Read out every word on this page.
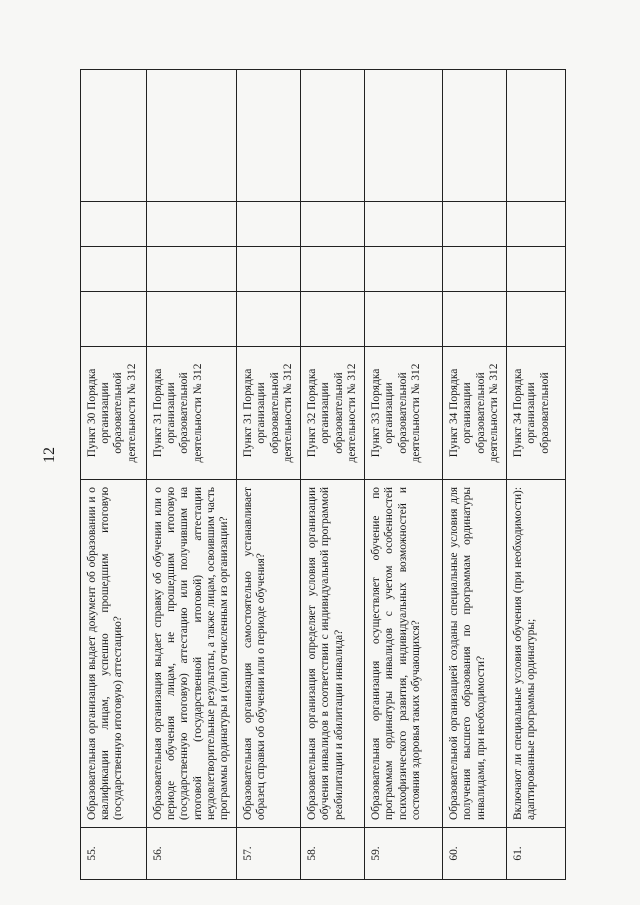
12
55.	Образовательная организация выдает документ об образовании и о квалификации лицам, успешно прошедшим итоговую (государственную итоговую) аттестацию?	Пункт 30 Порядка организации образовательной деятельности № 312				
56.	Образовательная организация выдает справку об обучении или о периоде обучения лицам, не прошедшим итоговую (государственную итоговую) аттестацию или получившим на итоговой (государственной итоговой) аттестации неудовлетворительные результаты, а также лицам, освоившим часть программы ординатуры и (или) отчисленным из организации?	Пункт 31 Порядка организации образовательной деятельности № 312				
57.	Образовательная организация самостоятельно устанавливает образец справки об обучении или о периоде обучения?	Пункт 31 Порядка организации образовательной деятельности № 312				
58.	Образовательная организация определяет условия организации обучения инвалидов в соответствии с индивидуальной программой реабилитации и абилитации инвалида?	Пункт 32 Порядка организации образовательной деятельности № 312				
59.	Образовательная организация осуществляет обучение по программам ординатуры инвалидов с учетом особенностей психофизического развития, индивидуальных возможностей и состояния здоровья таких обучающихся?	Пункт 33 Порядка организации образовательной деятельности № 312				
60.	Образовательной организацией созданы специальные условия для получения высшего образования по программам ординатуры инвалидами, при необходимости?	Пункт 34 Порядка организации образовательной деятельности № 312				
61.	Включают ли специальные условия обучения (при необходимости): адаптированные программы ординатуры;	Пункт 34 Порядка организации образовательной				
